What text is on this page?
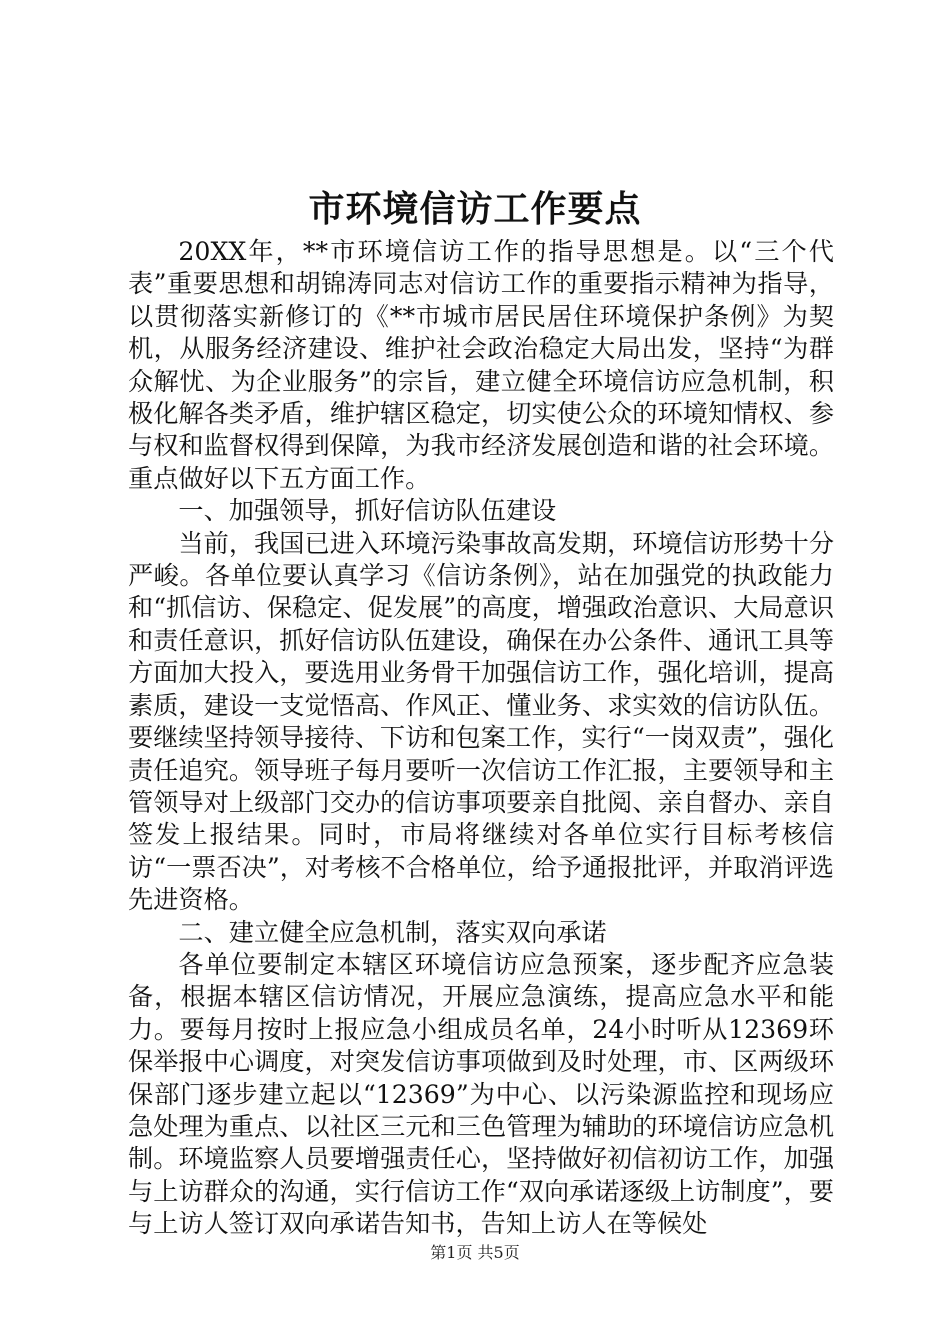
市环境信访工作要点

20XX年，**市环境信访工作的指导思想是。以“三个代表”重要思想和胡锦涛同志对信访工作的重要指示精神为指导，以贯彻落实新修订的《**市城市居民居住环境保护条例》为契机，从服务经济建设、维护社会政治稳定大局出发，坚持“为群众解忧、为企业服务”的宗旨，建立健全环境信访应急机制，积极化解各类矛盾，维护辖区稳定，切实使公众的环境知情权、参与权和监督权得到保障，为我市经济发展创造和谐的社会环境。重点做好以下五方面工作。

一、加强领导，抓好信访队伍建设

当前，我国已进入环境污染事故高发期，环境信访形势十分严峻。各单位要认真学习《信访条例》，站在加强党的执政能力和“抓信访、保稳定、促发展”的高度，增强政治意识、大局意识和责任意识，抓好信访队伍建设，确保在办公条件、通讯工具等方面加大投入，要选用业务骨干加强信访工作，强化培训，提高素质，建设一支觉悟高、作风正、懂业务、求实效的信访队伍。要继续坚持领导接待、下访和包案工作，实行“一岗双责”，强化责任追究。领导班子每月要听一次信访工作汇报，主要领导和主管领导对上级部门交办的信访事项要亲自批阅、亲自督办、亲自签发上报结果。同时，市局将继续对各单位实行目标考核信访“一票否决”，对考核不合格单位，给予通报批评，并取消评选先进资格。

二、建立健全应急机制，落实双向承诺

各单位要制定本辖区环境信访应急预案，逐步配齐应急装备，根据本辖区信访情况，开展应急演练，提高应急水平和能力。要每月按时上报应急小组成员名单，24小时听从12369环保举报中心调度，对突发信访事项做到及时处理，市、区两级环保部门逐步建立起以“12369”为中心、以污染源监控和现场应急处理为重点、以社区三元和三色管理为辅助的环境信访应急机制。环境监察人员要增强责任心，坚持做好初信初访工作，加强与上访群众的沟通，实行信访工作“双向承诺逐级上访制度”，要与上访人签订双向承诺告知书，告知上访人在等候处

第1页 共5页
